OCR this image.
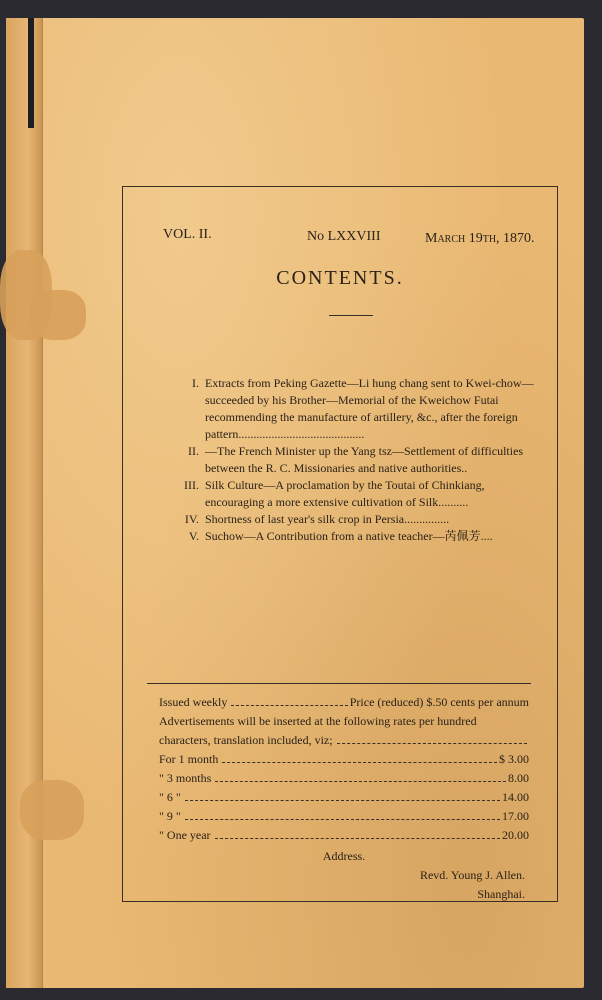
VOL. II.	No LXXVIII	March 19th, 1870.
CONTENTS.
I. Extracts from Peking Gazette—Li hung chang sent to Kwei-chow—succeeded by his Brother—Memorial of the Kweichow Futai recommending the manufacture of artillery, &c., after the foreign pattern..........................................
II. —The French Minister up the Yang tsz—Settlement of difficulties between the R. C. Missionaries and native authorities..
III. Silk Culture—A proclamation by the Toutai of Chinkiang, encouraging a more extensive cultivation of Silk..........
IV. Shortness of last year's silk crop in Persia...............
V. Suchow—A Contribution from a native teacher—芮佩芳....
Issued weekly	Price (reduced) $.50 cents per annum
Advertisements will be inserted at the following rates per hundred
characters, translation included, viz;
For 1 month	$ 3.00
" 3 months	8.00
" 6 "	14.00
" 9 "	17.00
" One year	20.00
Address.
Revd. Young J. Allen.
Shanghai.
